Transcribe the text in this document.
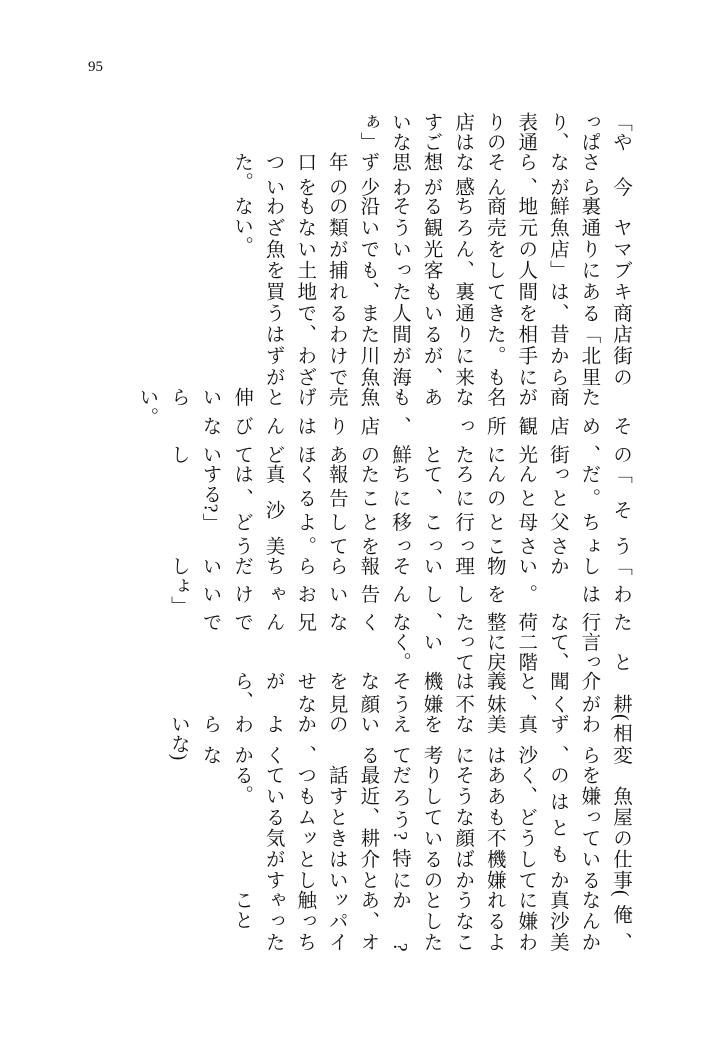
95

「やっぱり、表通りの店はすごいなぁ」

　今さらながら、そんな感想が思わず少年の口をついた。

　ヤマブキ商店街の裏通りにある「北里鮮魚店」は、昔から地元の人間を相手に商売をしてきた。もちろん、裏通りに来る観光客もいるが、そういった人間が海沿いでも、また川魚の類が捕れるわけでもない土地で、わざわざ魚を買うはずがない。

　そのため、商店街が観光名所になったあとも、鮮魚店の売りあげはほとんど伸びていないらしい。

「そうだ。ちょっと父さんと母さんのところに行って、こっちに移ったことを報告してくるよ。真沙美は、どうする?」

「わたしは行かない。荷物を整理したいし、そんな報告くらいならお兄ちゃんだけでいいでしょ」

　と言って、二階に戻っていく。

　耕介が聞くと、義妹は不機嫌そうな顔を見せながら、

(相変わらず、真沙美はなにを考えているのか、よくわからないな)

　魚屋の仕事を嫌っているのはともかく、どうしてああも不機嫌そうな顔ばかりしているのだろう? 特に最近、耕介と話すときはいつもムッとしている気がする。

(俺、なんか真沙美に嫌われるようなことしたか? あ、オッパイ触っちゃったこと
